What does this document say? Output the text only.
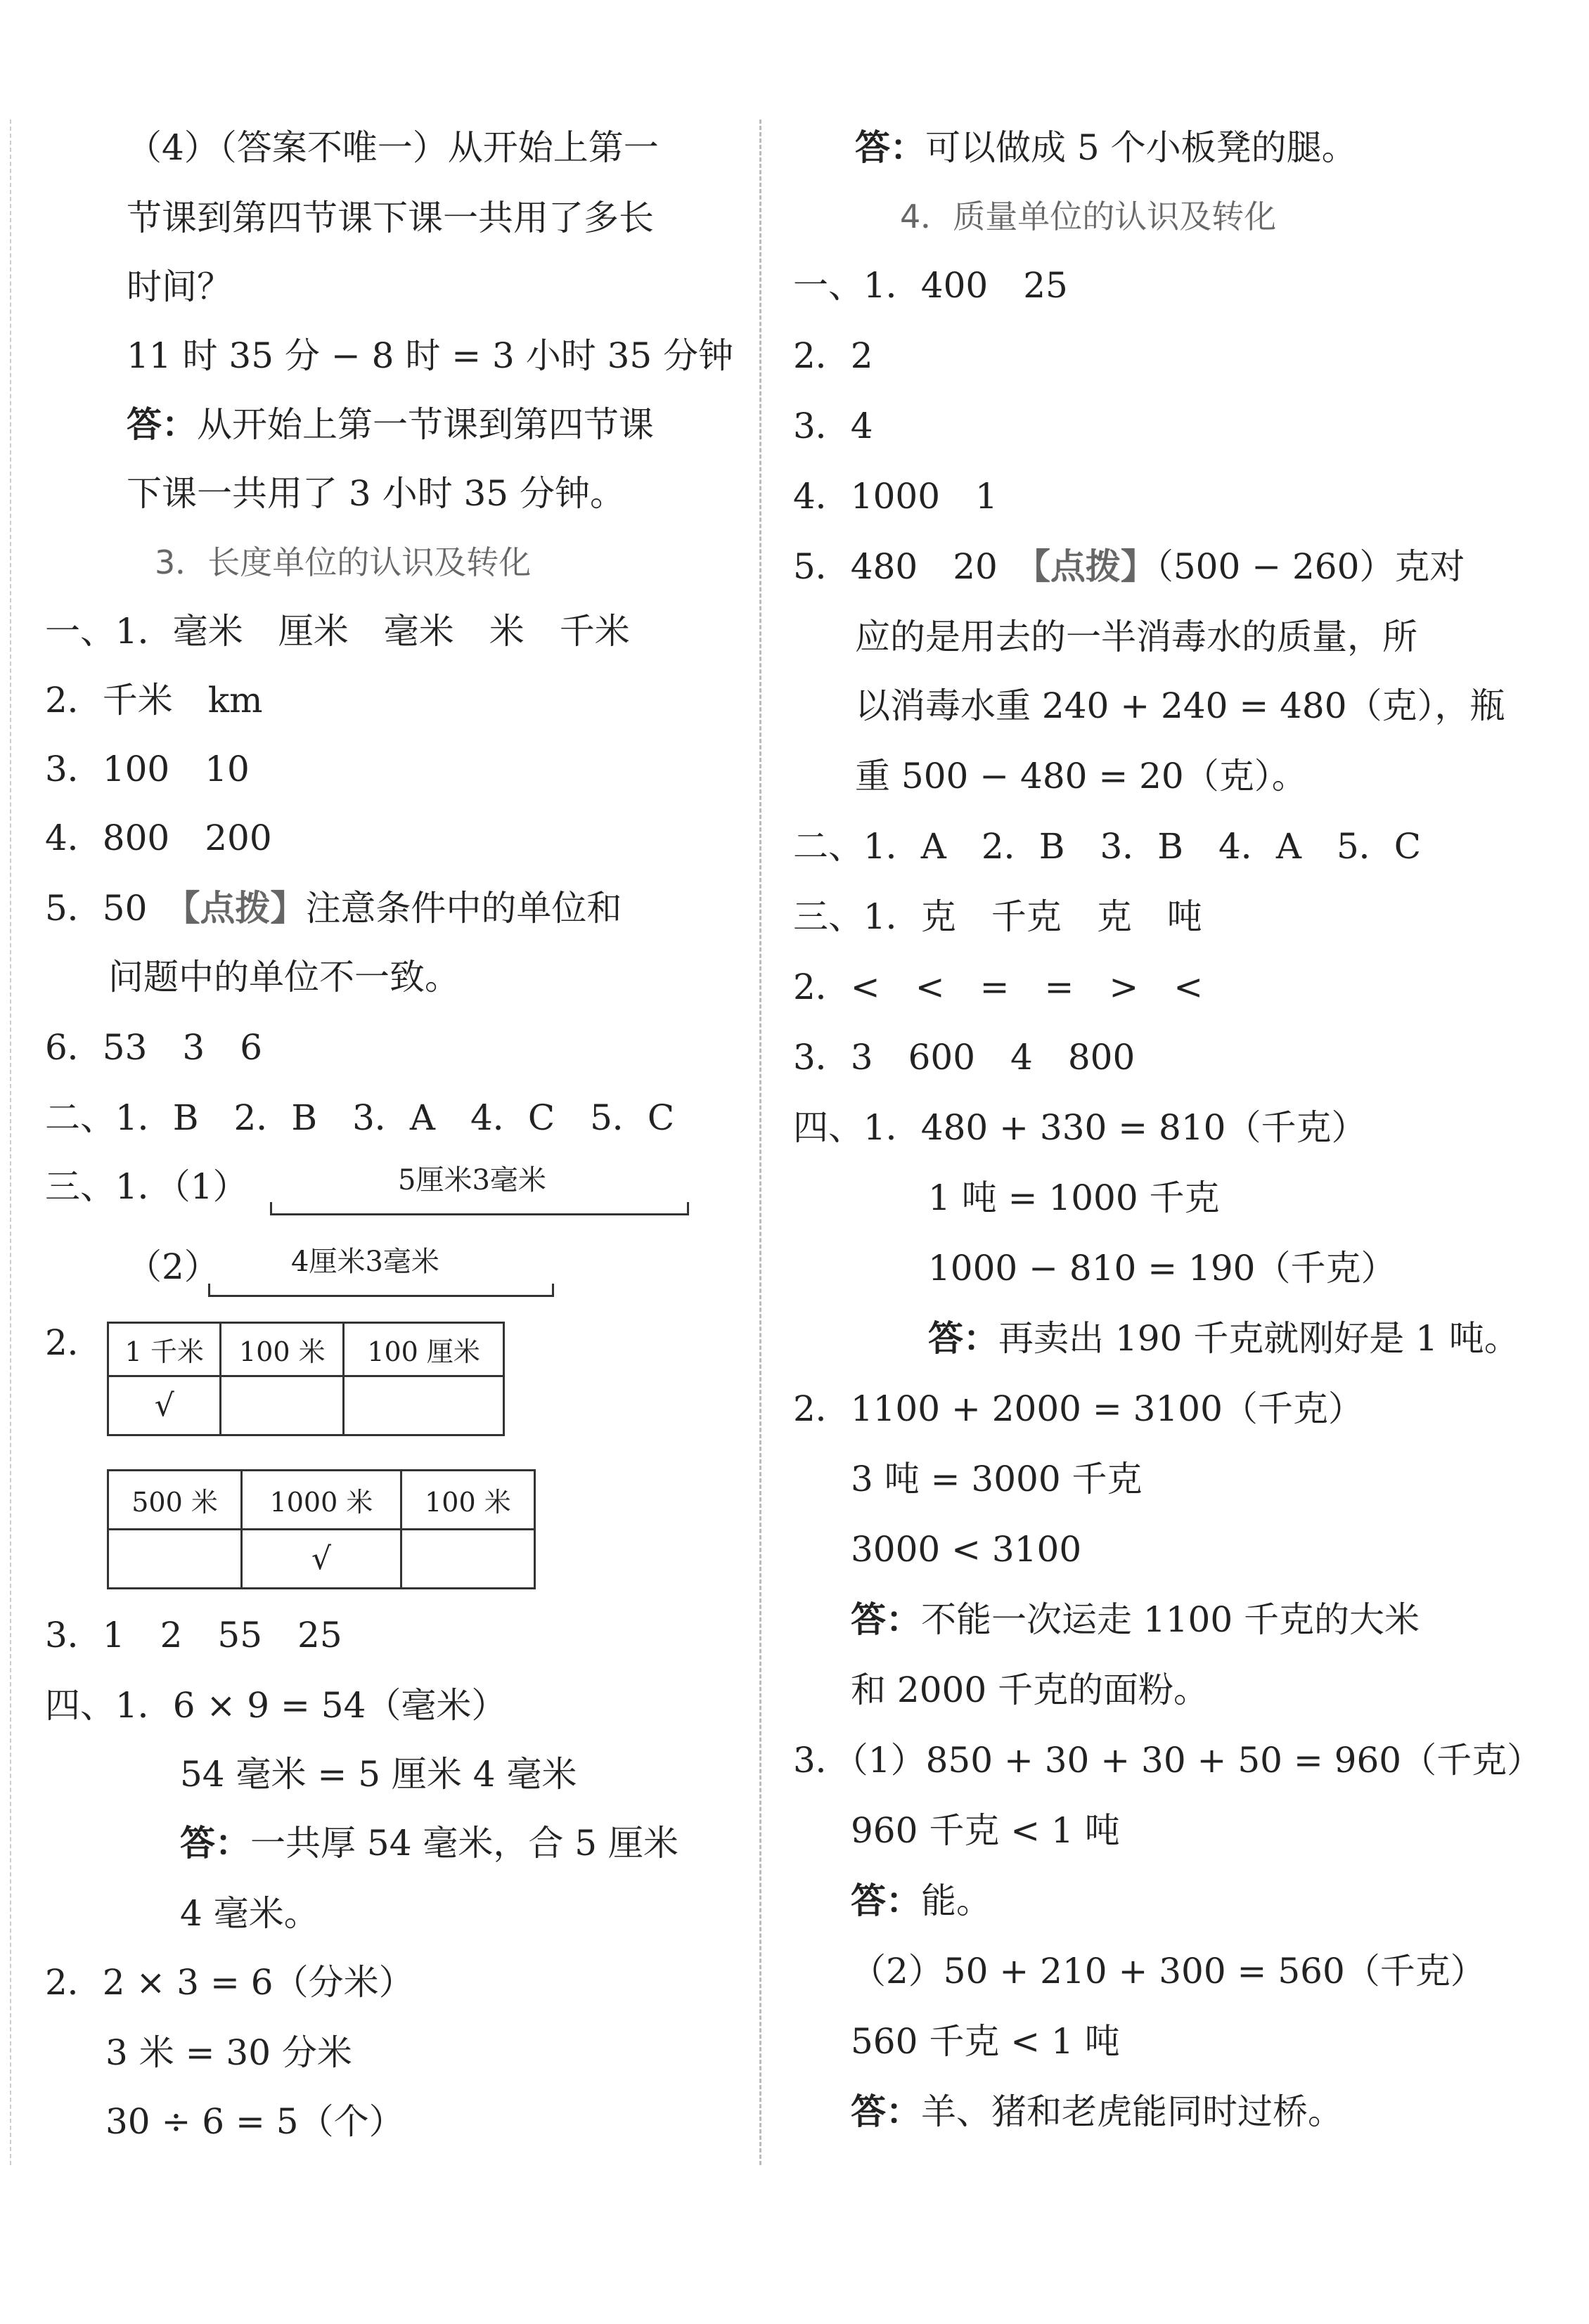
（4）（答案不唯一）从开始上第一
节课到第四节课下课一共用了多长
时间？
11 时 35 分 − 8 时 = 3 小时 35 分钟
答：从开始上第一节课到第四节课
下课一共用了 3 小时 35 分钟。
3．长度单位的认识及转化
一、1．毫米　厘米　毫米　米　千米
2．千米　km
3．100　10
4．800　200
5．50　【点拨】注意条件中的单位和
问题中的单位不一致。
6．53　3　6
二、1．B　2．B　3．A　4．C　5．C
三、1．（1）	5厘米3毫米
（2）	4厘米3毫米
2． 1 千米	100 米	100 厘米
√		
500 米	1000 米	100 米
	√	
3．1　2　55　25
四、1．6 × 9 = 54（毫米）
54 毫米 = 5 厘米 4 毫米
答：一共厚 54 毫米，合 5 厘米
4 毫米。
2．2 × 3 = 6（分米）
3 米 = 30 分米
30 ÷ 6 = 5（个）
答：可以做成 5 个小板凳的腿。
4．质量单位的认识及转化
一、1．400　25
2．2
3．4
4．1000　1
5．480　20　【点拨】（500 − 260）克对
应的是用去的一半消毒水的质量，所
以消毒水重 240 + 240 = 480（克），瓶
重 500 − 480 = 20（克）。
二、1．A　2．B　3．B　4．A　5．C
三、1．克　千克　克　吨
2．<　<　=　=　>　<
3．3　600　4　800
四、1．480 + 330 = 810（千克）
1 吨 = 1000 千克
1000 − 810 = 190（千克）
答：再卖出 190 千克就刚好是 1 吨。
2．1100 + 2000 = 3100（千克）
3 吨 = 3000 千克
3000 < 3100
答：不能一次运走 1100 千克的大米
和 2000 千克的面粉。
3．（1）850 + 30 + 30 + 50 = 960（千克）
960 千克 < 1 吨
答：能。
（2）50 + 210 + 300 = 560（千克）
560 千克 < 1 吨
答：羊、猪和老虎能同时过桥。
